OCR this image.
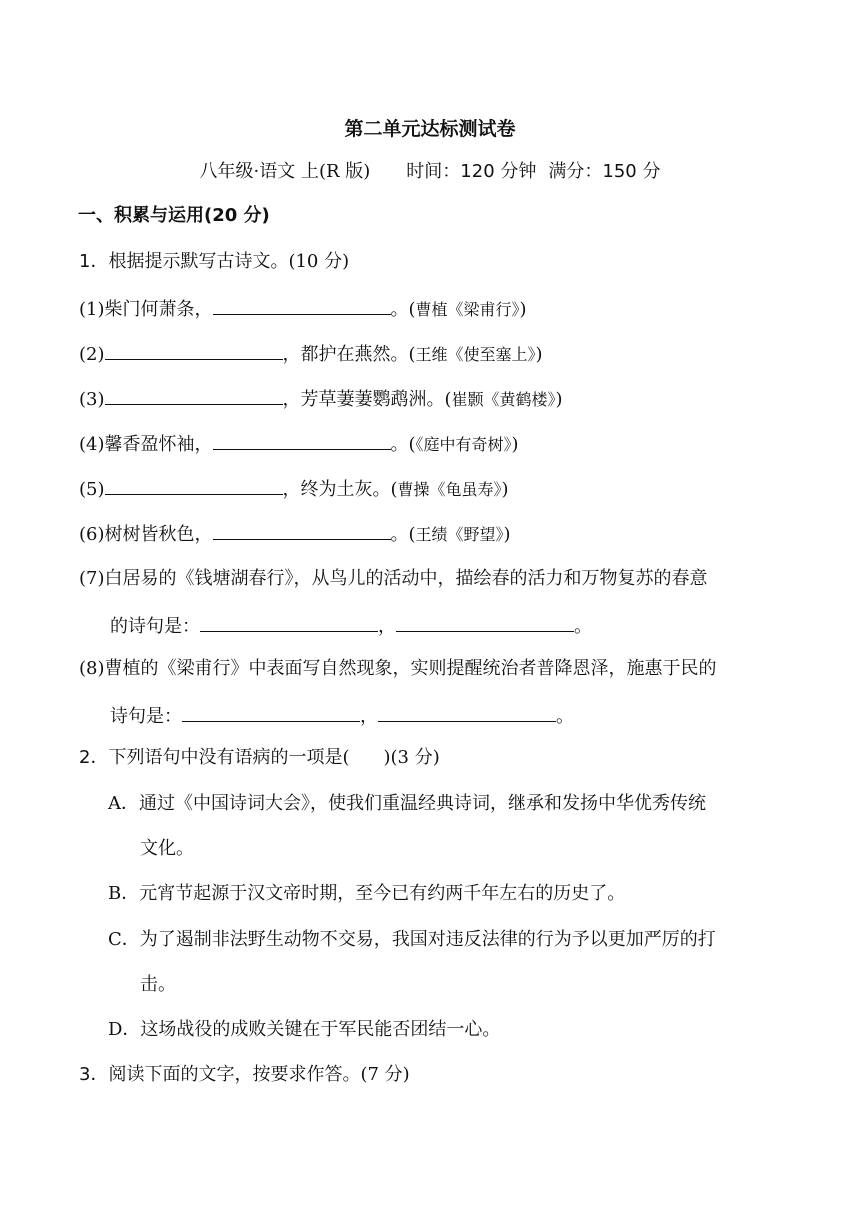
第二单元达标测试卷
八年级·语文 上(R 版) 时间：120 分钟 满分：150 分
一、积累与运用(20 分)
1．根据提示默写古诗文。(10 分)
(1)柴门何萧条，	。(曹植《梁甫行》)
(2)	，都护在燕然。(王维《使至塞上》)
(3)	，芳草萋萋鹦鹉洲。(崔颢《黄鹤楼》)
(4)馨香盈怀袖，	。(《庭中有奇树》)
(5)	，终为土灰。(曹操《龟虽寿》)
(6)树树皆秋色，	。(王绩《野望》)
(7)白居易的《钱塘湖春行》，从鸟儿的活动中，描绘春的活力和万物复苏的春意
的诗句是：	，	。
(8)曹植的《梁甫行》中表面写自然现象，实则提醒统治者普降恩泽，施惠于民的
诗句是：	，	。
2．下列语句中没有语病的一项是( )(3 分)
A．通过《中国诗词大会》，使我们重温经典诗词，继承和发扬中华优秀传统
文化。
B．元宵节起源于汉文帝时期，至今已有约两千年左右的历史了。
C．为了遏制非法野生动物不交易，我国对违反法律的行为予以更加严厉的打
击。
D．这场战役的成败关键在于军民能否团结一心。
3．阅读下面的文字，按要求作答。(7 分)
